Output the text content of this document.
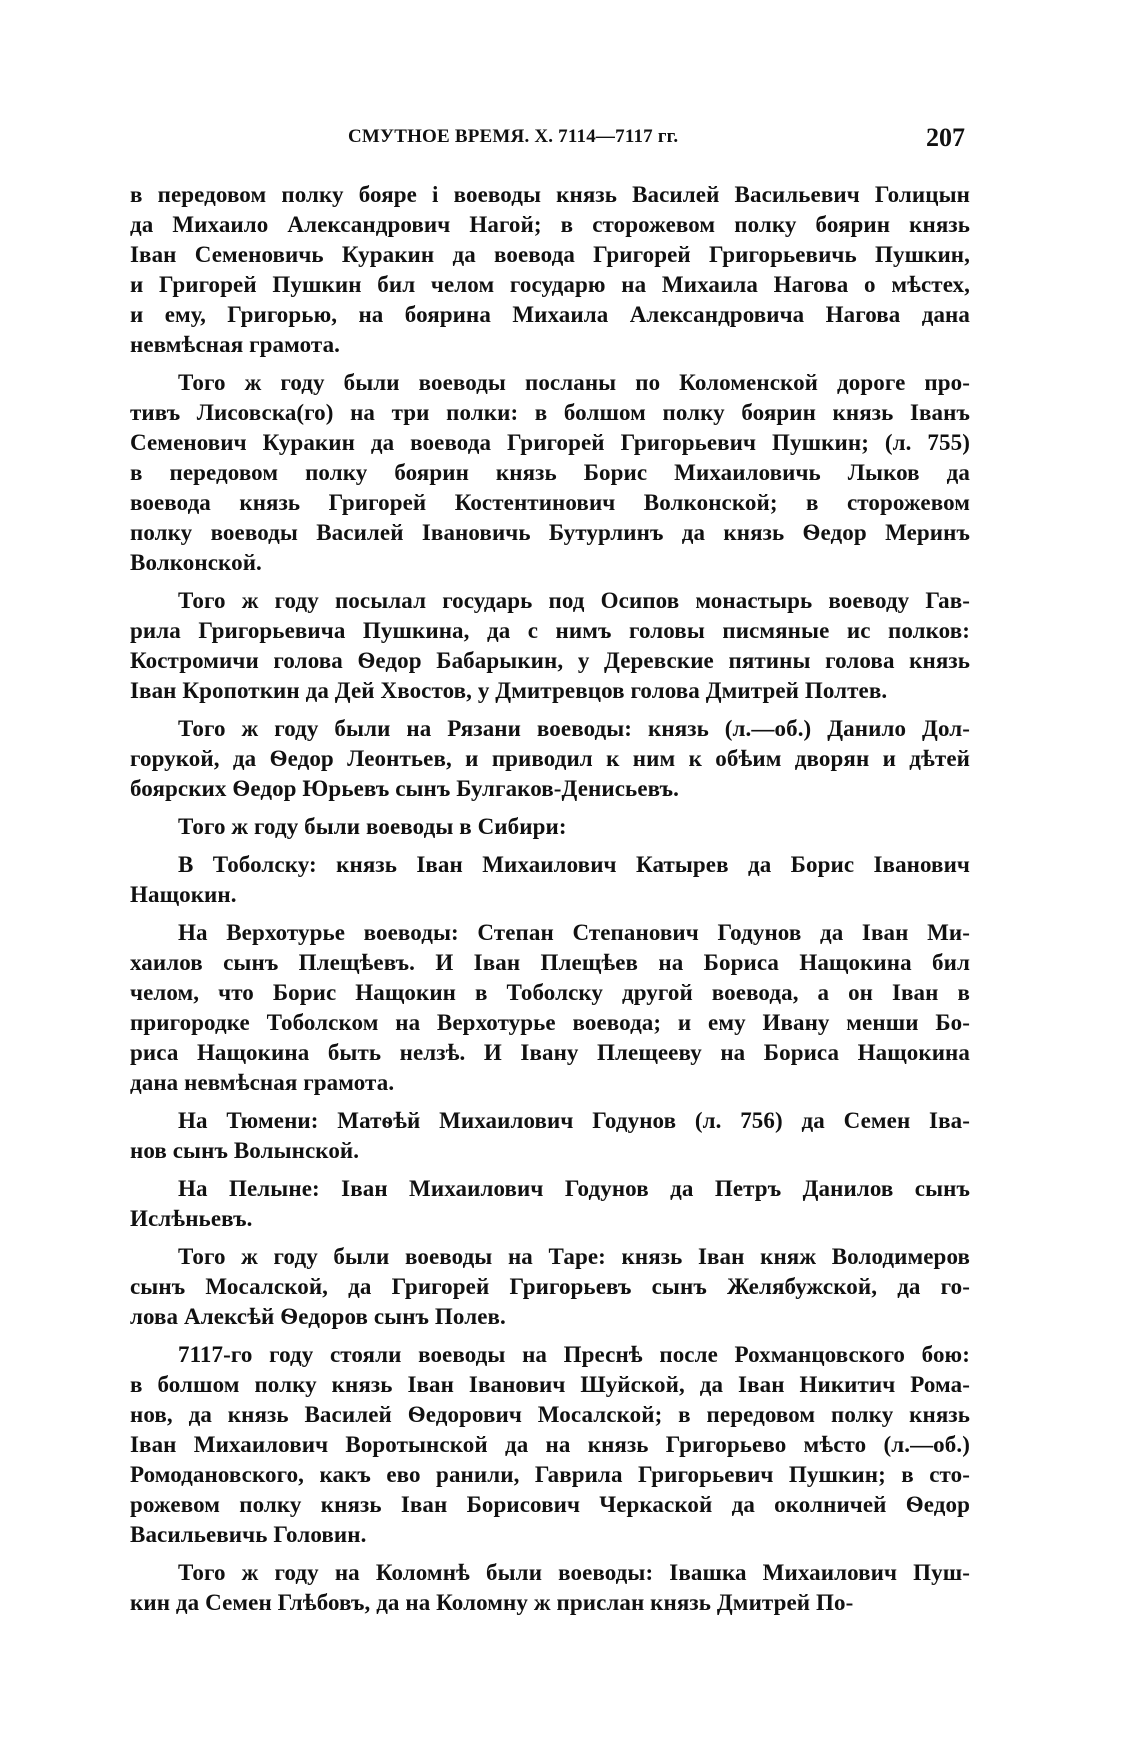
СМУТНОЕ ВРЕМЯ. X. 7114—7117 гг.	207
в передовом полку бояре і воеводы князь Василей Васильевич Голицын
да Михаило Александрович Нагой; в сторожевом полку боярин князь
Іван Семеновичь Куракин да воевода Григорей Григорьевичь Пушкин,
и Григорей Пушкин бил челом государю на Михаила Нагова о мѣстех,
и ему, Григорью, на боярина Михаила Александровича Нагова дана
невмѣсная грамота.
Того ж году были воеводы посланы по Коломенской дороге про-
тивъ Лисовска(го) на три полки: в болшом полку боярин князь Іванъ
Семенович Куракин да воевода Григорей Григорьевич Пушкин; (л. 755)
в передовом полку боярин князь Борис Михаиловичь Лыков да
воевода князь Григорей Костентинович Волконской; в сторожевом
полку воеводы Василей Івановичь Бутурлинъ да князь Ѳедор Меринъ
Волконской.
Того ж году посылал государь под Осипов монастырь воеводу Гав-
рила Григорьевича Пушкина, да с нимъ головы писмяные ис полков:
Костромичи голова Ѳедор Бабарыкин, у Деревские пятины голова князь
Іван Кропоткин да Дей Хвостов, у Дмитревцов голова Дмитрей Полтев.
Того ж году были на Рязани воеводы: князь (л.—об.) Данило Дол-
горукой, да Ѳедор Леонтьев, и приводил к ним к обѣим дворян и дѣтей
боярских Ѳедор Юрьевъ сынъ Булгаков-Денисьевъ.
Того ж году были воеводы в Сибири:
В Тоболску: князь Іван Михаилович Катырев да Борис Іванович
Нащокин.
На Верхотурье воеводы: Степан Степанович Годунов да Іван Ми-
хаилов сынъ Плещѣевъ. И Іван Плещѣев на Бориса Нащокина бил
челом, что Борис Нащокин в Тоболску другой воевода, а он Іван в
пригородке Тоболском на Верхотурье воевода; и ему Ивану менши Бо-
риса Нащокина быть нелзѣ. И Івану Плещееву на Бориса Нащокина
дана невмѣсная грамота.
На Тюмени: Матѳѣй Михаилович Годунов (л. 756) да Семен Іва-
нов сынъ Волынской.
На Пелыне: Іван Михаилович Годунов да Петръ Данилов сынъ
Ислѣньевъ.
Того ж году были воеводы на Таре: князь Іван княж Володимеров
сынъ Мосалской, да Григорей Григорьевъ сынъ Желябужской, да го-
лова Алексѣй Ѳедоров сынъ Полев.
7117-го году стояли воеводы на Преснѣ после Рохманцовского бою:
в болшом полку князь Іван Іванович Шуйской, да Іван Никитич Рома-
нов, да князь Василей Ѳедорович Мосалской; в передовом полку князь
Іван Михаилович Воротынской да на князь Григорьево мѣсто (л.—об.)
Ромодановского, какъ ево ранили, Гаврила Григорьевич Пушкин; в сто-
рожевом полку князь Іван Борисович Черкаской да околничей Ѳедор
Васильевичь Головин.
Того ж году на Коломнѣ были воеводы: Івашка Михаилович Пуш-
кин да Семен Глѣбовъ, да на Коломну ж прислан князь Дмитрей По-
